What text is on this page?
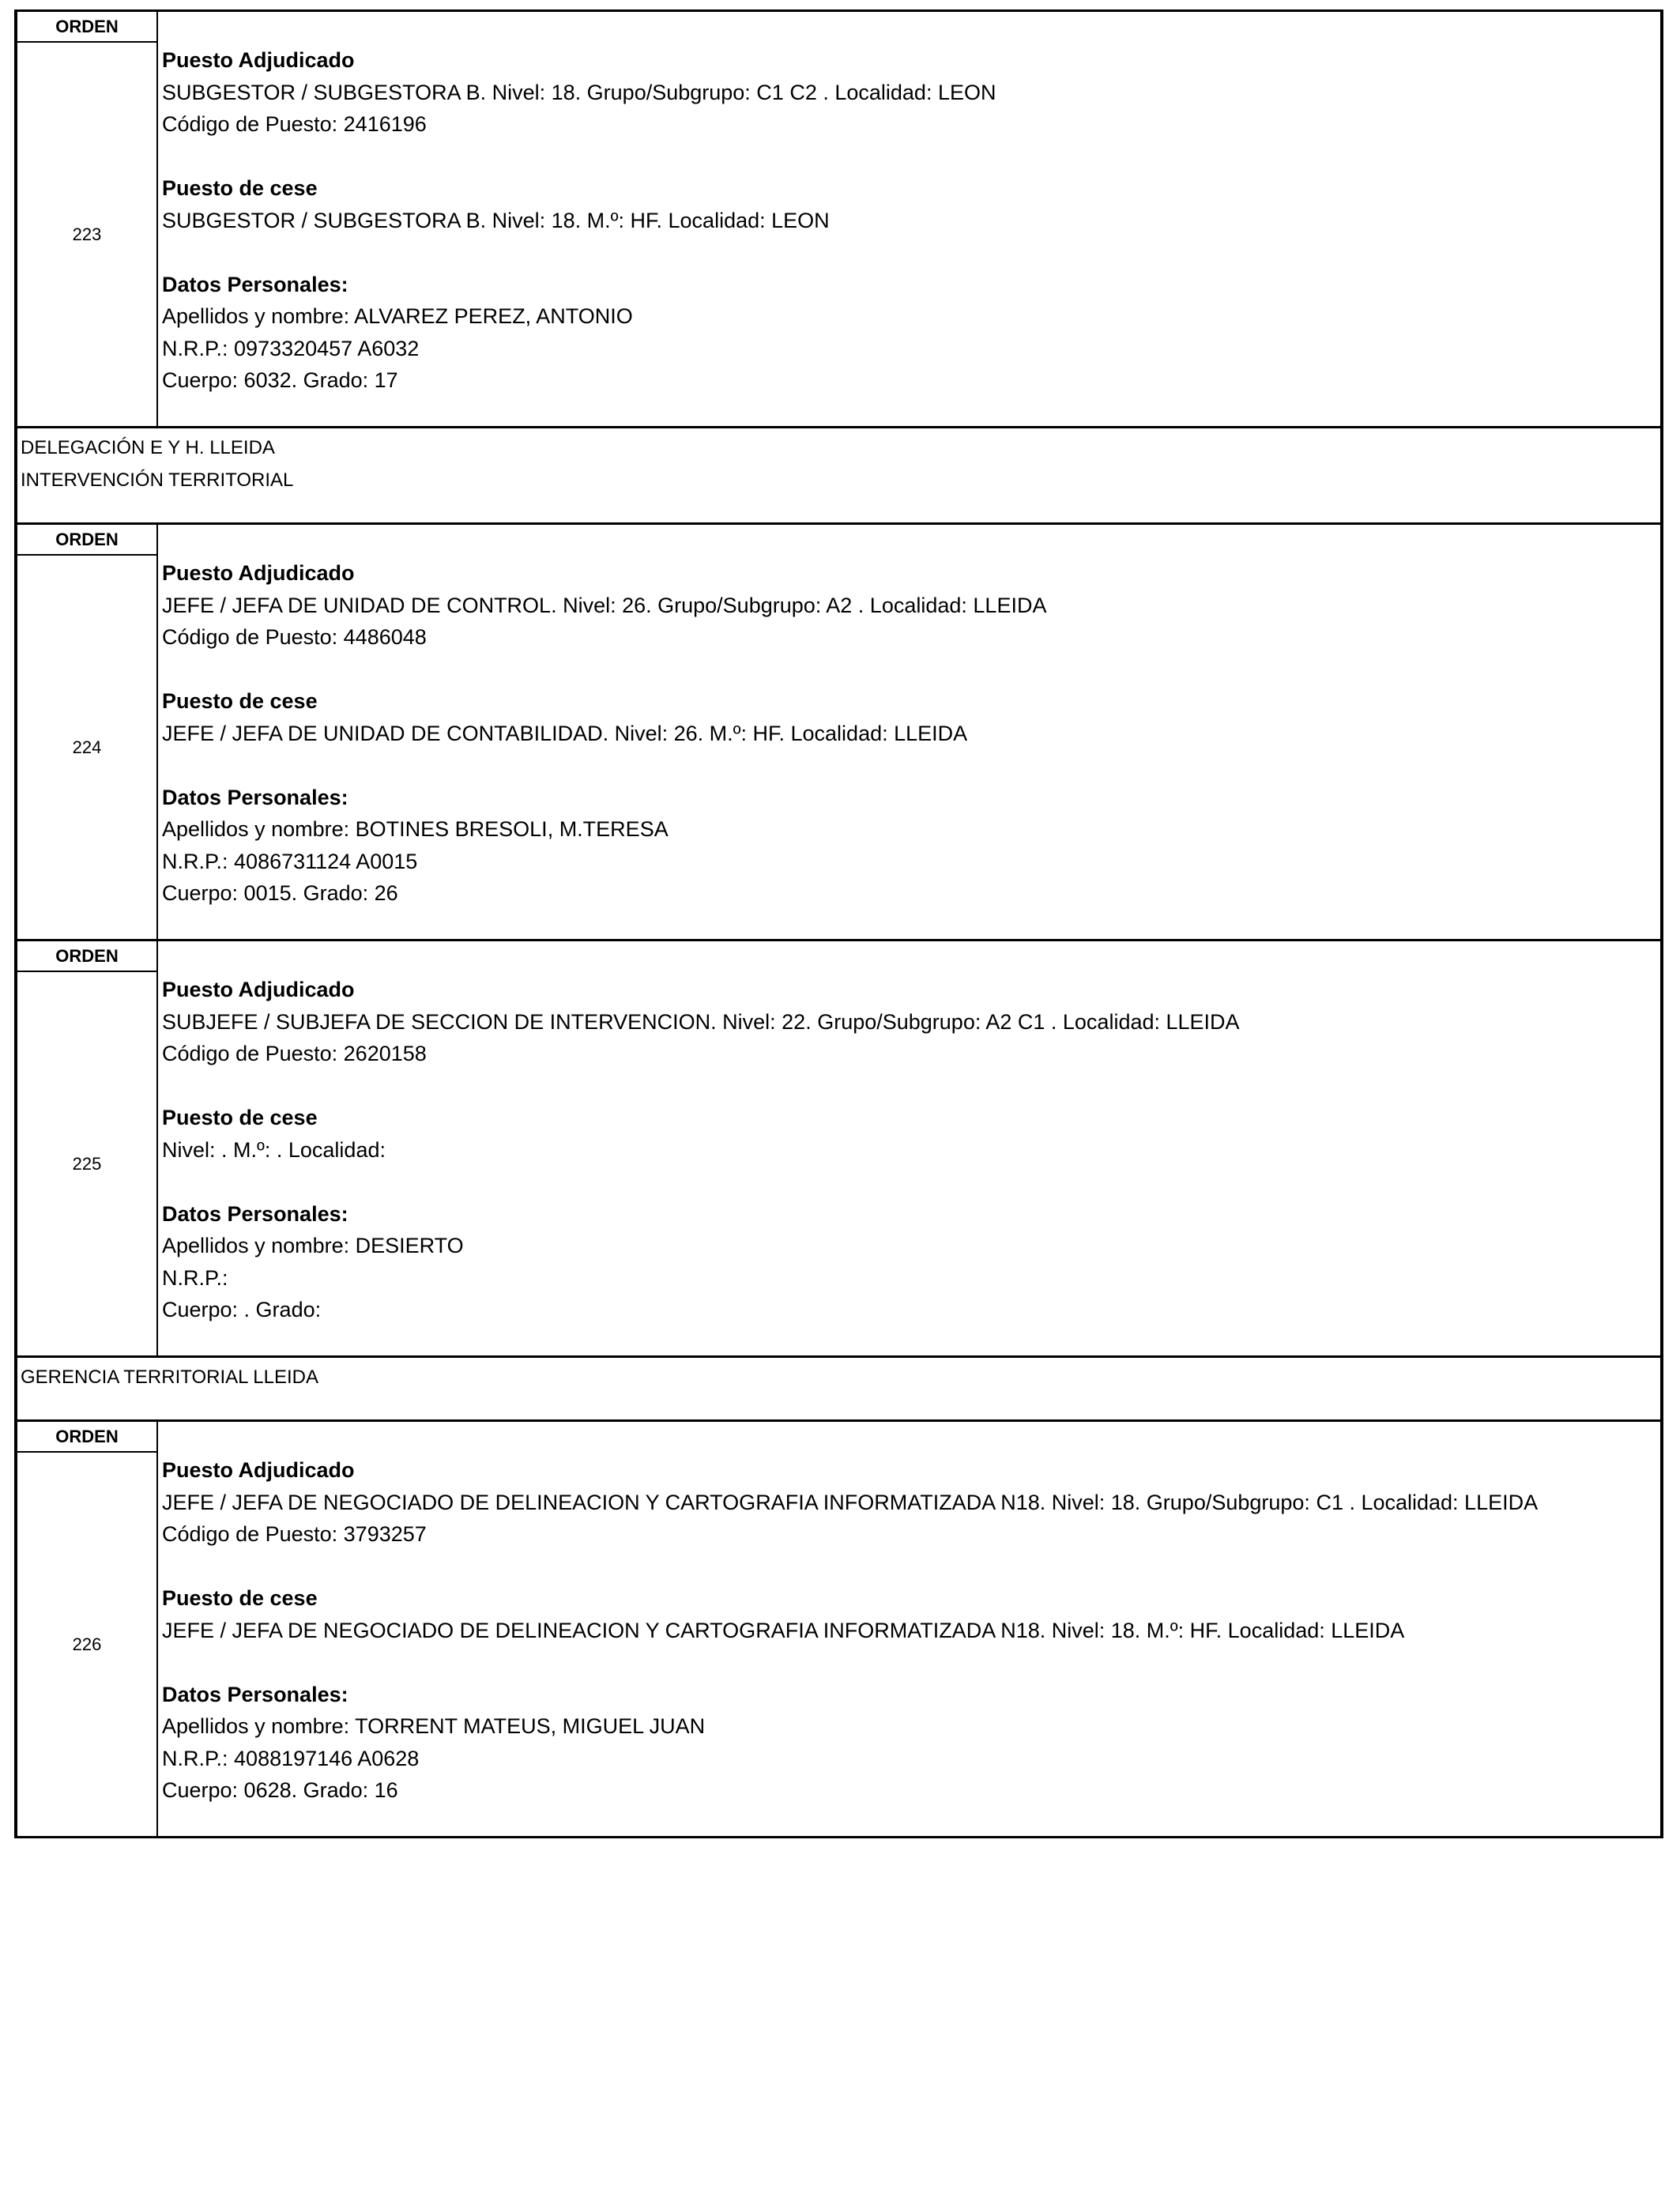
ORDEN
223
Puesto Adjudicado
SUBGESTOR / SUBGESTORA B. Nivel: 18. Grupo/Subgrupo: C1 C2 . Localidad: LEON
Código de Puesto: 2416196
Puesto de cese
SUBGESTOR / SUBGESTORA B. Nivel: 18. M.º: HF. Localidad: LEON
Datos Personales:
Apellidos y nombre: ALVAREZ PEREZ, ANTONIO
N.R.P.: 0973320457 A6032
Cuerpo: 6032. Grado: 17
DELEGACIÓN E Y H. LLEIDA
INTERVENCIÓN TERRITORIAL
ORDEN
224
Puesto Adjudicado
JEFE / JEFA DE UNIDAD DE CONTROL. Nivel: 26. Grupo/Subgrupo: A2 . Localidad: LLEIDA
Código de Puesto: 4486048
Puesto de cese
JEFE / JEFA DE UNIDAD DE CONTABILIDAD. Nivel: 26. M.º: HF. Localidad: LLEIDA
Datos Personales:
Apellidos y nombre: BOTINES BRESOLI, M.TERESA
N.R.P.: 4086731124 A0015
Cuerpo: 0015. Grado: 26
ORDEN
225
Puesto Adjudicado
SUBJEFE / SUBJEFA DE SECCION DE INTERVENCION. Nivel: 22. Grupo/Subgrupo: A2 C1 . Localidad: LLEIDA
Código de Puesto: 2620158
Puesto de cese
Nivel: . M.º: . Localidad:
Datos Personales:
Apellidos y nombre: DESIERTO
N.R.P.:
Cuerpo: . Grado:
GERENCIA TERRITORIAL LLEIDA
ORDEN
226
Puesto Adjudicado
JEFE / JEFA DE NEGOCIADO DE DELINEACION Y CARTOGRAFIA INFORMATIZADA N18. Nivel: 18. Grupo/Subgrupo: C1 . Localidad: LLEIDA
Código de Puesto: 3793257
Puesto de cese
JEFE / JEFA DE NEGOCIADO DE DELINEACION Y CARTOGRAFIA INFORMATIZADA N18. Nivel: 18. M.º: HF. Localidad: LLEIDA
Datos Personales:
Apellidos y nombre: TORRENT MATEUS, MIGUEL JUAN
N.R.P.: 4088197146 A0628
Cuerpo: 0628. Grado: 16
